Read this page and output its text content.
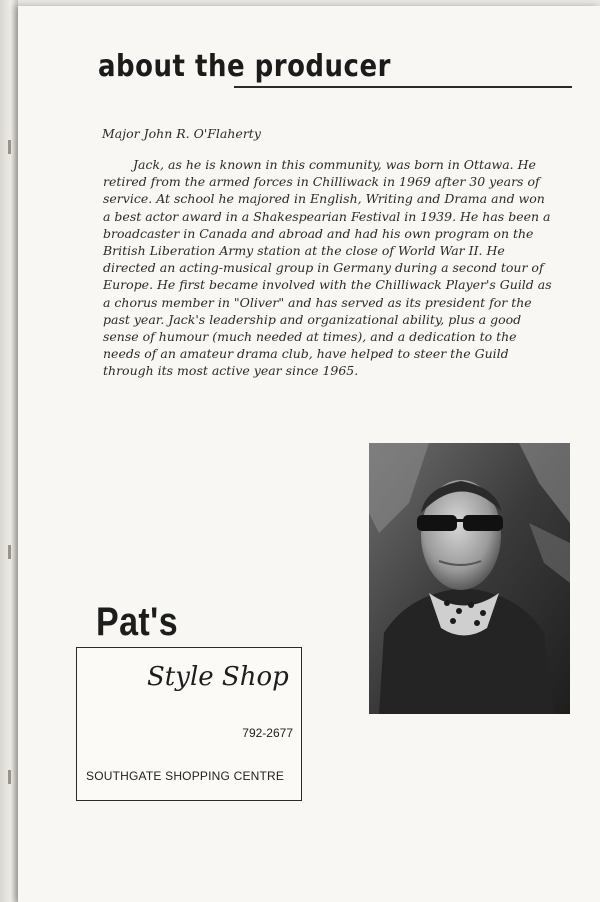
about the producer
Major John R. O'Flaherty
Jack, as he is known in this community, was born in Ottawa. He retired from the armed forces in Chilliwack in 1969 after 30 years of service. At school he majored in English, Writing and Drama and won a best actor award in a Shakespearian Festival in 1939. He has been a broadcaster in Canada and abroad and had his own program on the British Liberation Army station at the close of World War II. He directed an acting-musical group in Germany during a second tour of Europe. He first became involved with the Chilliwack Player's Guild as a chorus member in "Oliver" and has served as its president for the past year. Jack's leadership and organizational ability, plus a good sense of humour (much needed at times), and a dedication to the needs of an amateur drama club, have helped to steer the Guild through its most active year since 1965.
Pat's
Style Shop
792-2677
SOUTHGATE SHOPPING CENTRE
